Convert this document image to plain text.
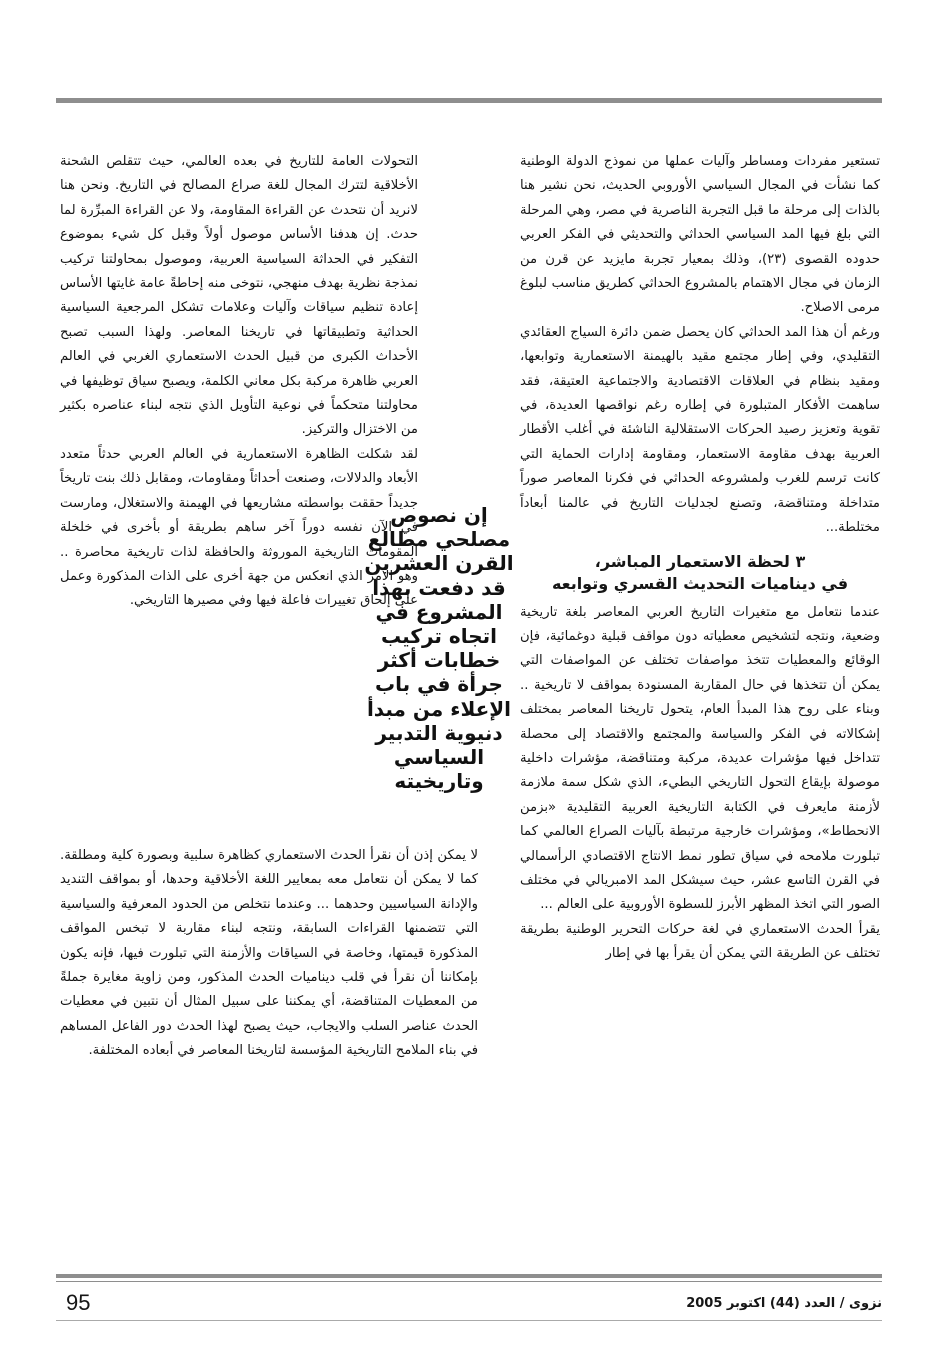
تستعير مفردات ومساطر وآليات عملها من نموذج الدولة الوطنية كما نشأت في المجال السياسي الأوروبي الحديث، نحن نشير هنا بالذات إلى مرحلة ما قبل التجربة الناصرية في مصر، وهي المرحلة التي بلغ فيها المد السياسي الحداثي والتحديثي في الفكر العربي حدوده القصوى (٢٣)، وذلك بمعيار تجربة مايزيد عن قرن من الزمان في مجال الاهتمام بالمشروع الحداثي كطريق مناسب لبلوغ مرمى الاصلاح.

ورغم أن هذا المد الحداثي كان يحصل ضمن دائرة السياج العقائدي التقليدي، وفي إطار مجتمع مقيد بالهيمنة الاستعمارية وتوابعها، ومقيد بنظام في العلاقات الاقتصادية والاجتماعية العتيقة، فقد ساهمت الأفكار المتبلورة في إطاره رغم نواقصها العديدة، في تقوية وتعزيز رصيد الحركات الاستقلالية الناشئة في أغلب الأقطار العربية بهدف مقاومة الاستعمار، ومقاومة إدارات الحماية التي كانت ترسم للغرب ولمشروعه الحداثي في فكرنا المعاصر صوراً متداخلة ومتناقضة، وتصنع لجدليات التاريخ في عالمنا أبعاداً مختلطة...

٣ لحظة الاستعمار المباشر،
في ديناميات التحديث القسري وتوابعه

عندما نتعامل مع متغيرات التاريخ العربي المعاصر بلغة تاريخية وضعية، ونتجه لتشخيص معطياته دون مواقف قبلية دوغمائية، فإن الوقائع والمعطيات تتخذ مواصفات تختلف عن المواصفات التي يمكن أن تتخذها في حال المقاربة المسنودة بمواقف لا تاريخية .. وبناء على روح هذا المبدأ العام، يتحول تاريخنا المعاصر بمختلف إشكالاته في الفكر والسياسة والمجتمع والاقتصاد إلى محصلة تتداخل فيها مؤشرات عديدة، مركبة ومتناقضة، مؤشرات داخلية موصولة بإيقاع التحول التاريخي البطيء، الذي شكل سمة ملازمة لأزمنة مايعرف في الكتابة التاريخية العربية التقليدية «بزمن الانحطاط»، ومؤشرات خارجية مرتبطة بآليات الصراع العالمي كما تبلورت ملامحه في سياق تطور نمط الانتاج الاقتصادي الرأسمالي في القرن التاسع عشر، حيث سيشكل المد الامبريالي في مختلف الصور التي اتخذ المظهر الأبرز للسطوة الأوروبية على العالم ...

يقرأ الحدث الاستعماري في لغة حركات التحرير الوطنية بطريقة تختلف عن الطريقة التي يمكن أن يقرأ بها في إطار

التحولات العامة للتاريخ في بعده العالمي، حيث تتقلص الشحنة الأخلاقية لتترك المجال للغة صراع المصالح في التاريخ. ونحن هنا لانريد أن نتحدث عن القراءة المقاومة، ولا عن القراءة المبرِّرة لما حدث. إن هدفنا الأساس موصول أولاً وقبل كل شيء بموضوع التفكير في الحداثة السياسية العربية، وموصول بمحاولتنا تركيب نمذجة نظرية بهدف منهجي، نتوخى منه إحاطةً عامة غايتها الأساس إعادة تنظيم سياقات وآليات وعلامات تشكل المرجعية السياسية الحداثية وتطبيقاتها في تاريخنا المعاصر. ولهذا السبب تصبح الأحداث الكبرى من قبيل الحدث الاستعماري الغربي في العالم العربي ظاهرة مركبة بكل معاني الكلمة، ويصبح سياق توظيفها في محاولتنا متحكماً في نوعية التأويل الذي نتجه لبناء عناصره بكثير من الاختزال والتركيز.

لقد شكلت الظاهرة الاستعمارية في العالم العربي حدثاً متعدد الأبعاد والدلالات، وصنعت أحداثاً ومقاومات، ومقابل ذلك بنت تاريخاً جديداً حققت بواسطته مشاريعها في الهيمنة والاستغلال، ومارست في الآن نفسه دوراً آخر ساهم بطريقة أو بأخرى في خلخلة المقومات التاريخية الموروثة والحافظة لذات تاريخية محاصرة .. وهو الأمر الذي انعكس من جهة أخرى على الذات المذكورة وعمل على إلحاق تغييرات فاعلة فيها وفي مصيرها التاريخي.

إن نصوص مصلحي مطالع القرن العشرين قد دفعت بهذا المشروع في اتجاه تركيب خطابات أكثر جرأة في باب الإعلاء من مبدأ دنيوية التدبير السياسي وتاريخيته

لا يمكن إذن أن نقرأ الحدث الاستعماري كظاهرة سلبية وبصورة كلية ومطلقة. كما لا يمكن أن نتعامل معه بمعايير اللغة الأخلاقية وحدها، أو بمواقف التنديد والإدانة السياسيين وحدهما ... وعندما نتخلص من الحدود المعرفية والسياسية التي تتضمنها القراءات السابقة، ونتجه لبناء مقاربة لا تبخس المواقف المذكورة قيمتها، وخاصة في السياقات والأزمنة التي تبلورت فيها، فإنه يكون بإمكاننا أن نقرأ في قلب ديناميات الحدث المذكور، ومن زاوية مغايرة جملةً من المعطيات المتناقضة، أي يمكننا على سبيل المثال أن نتبين في معطيات الحدث عناصر السلب والايجاب، حيث يصبح لهذا الحدث دور الفاعل المساهم في بناء الملامح التاريخية المؤسسة لتاريخنا المعاصر في أبعاده المختلفة.

95	نزوى / العدد (44) اكتوبر 2005
